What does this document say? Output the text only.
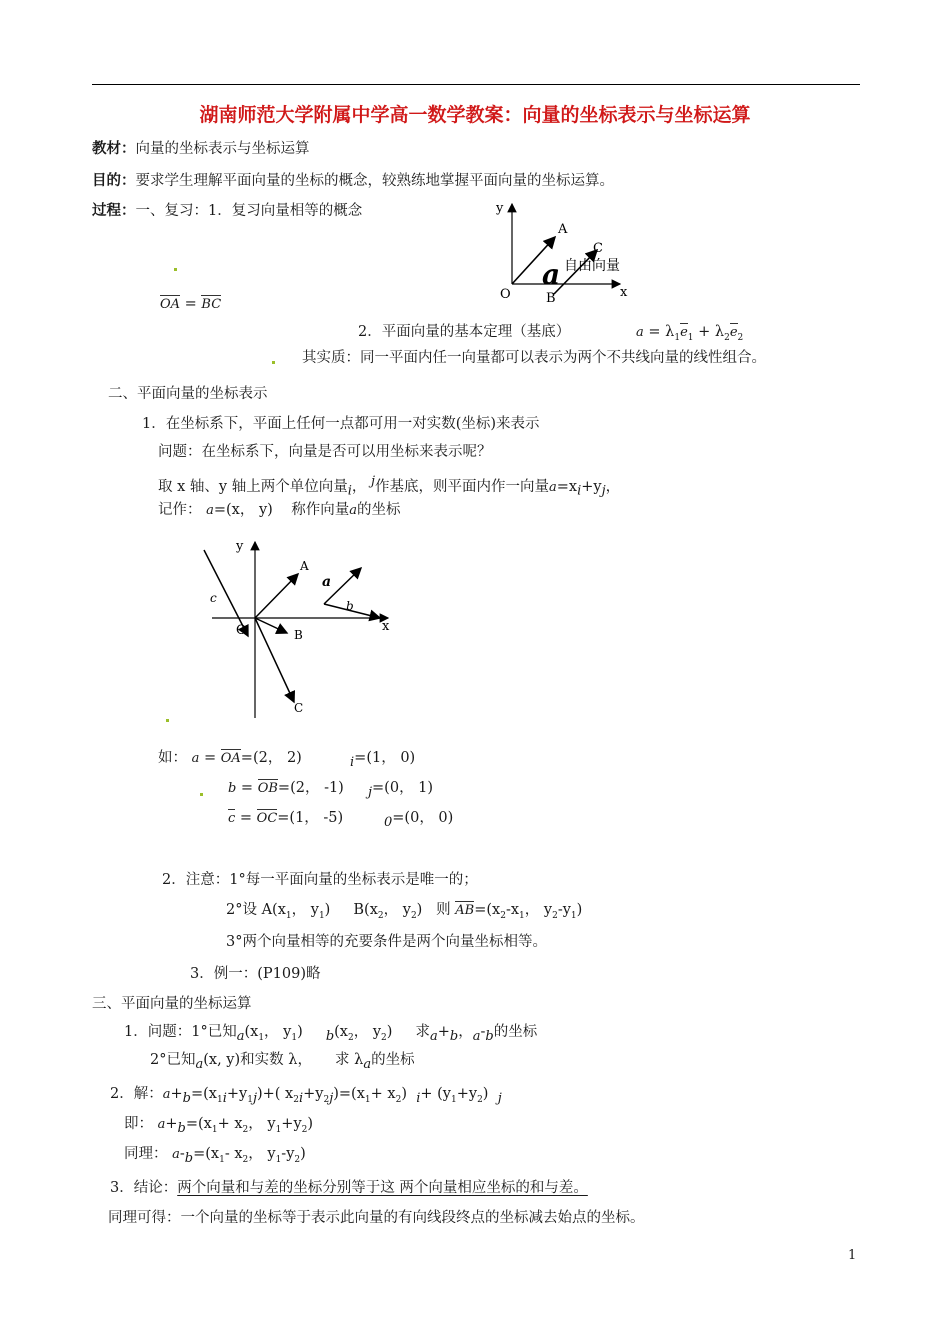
湖南师范大学附属中学高一数学教案：向量的坐标表示与坐标运算
教材：向量的坐标表示与坐标运算
目的：要求学生理解平面向量的坐标的概念，较熟练地掌握平面向量的坐标运算。
过程：一、复习：1．复习向量相等的概念	y
x
O
A
B
C
a 自由向量
OA = BC
2．平面向量的基本定理（基底）	$a = \lambda_1e_1 + \lambda_2e_2$
其实质：同一平面内任一向量都可以表示为两个不共线向量的线性组合。
二、平面向量的坐标表示
1．在坐标系下，平面上任何一点都可用一对实数(坐标)来表示
问题：在坐标系下，向量是否可以用坐标来表示呢？
取 x 轴、y 轴上两个单位向量$_i$， $^j$作基底，则平面内作一向量$a=x_i+y_j$，
记作： a=(x， y) 称作向量a的坐标
y
x
O
A
B
C
a
b
c
如： a = OA=(2， 2)	$_i$=(1， 0)
b = OB=(2， -1) $_j$=(0， 1)
c = OC=(1， -5)	$_0$=(0， 0)
2．注意：1°每一平面向量的坐标表示是唯一的；
2°设 $A(x_1$， $y_1$) $B(x_2$， $y_2$) 则 $AB=(x_2-x_1$， $y_2-y_1$)
3°两个向量相等的充要条件是两个向量坐标相等。
3．例一：(P109)略
三、平面向量的坐标运算
1．问题：1°已知$_a(x_1$， $y_1$) $_b(x_2$， $y_2$) 求$_a+_b$，$_a-_b$的坐标
2°已知$_a$(x, y)和实数 λ， 求 $\lambda_a$的坐标
2．解：$a+_b=(x_{1i}+y_{1j})+$( $x_{2i}+y_{2j})=(x_1+ x_2)$ $_i+ (y_1+y_2)$ $_j$
即： $a+_b=(x_1+ x_2$， $y_1+y_2$)
同理： $a-_b=(x_1-$ $x_2$， $y_1-y_2$)
3．结论：两个向量和与差的坐标分别等于这 两个向量相应坐标的和与差。
同理可得：一个向量的坐标等于表示此向量的有向线段终点的坐标减去始点的坐标。
1
